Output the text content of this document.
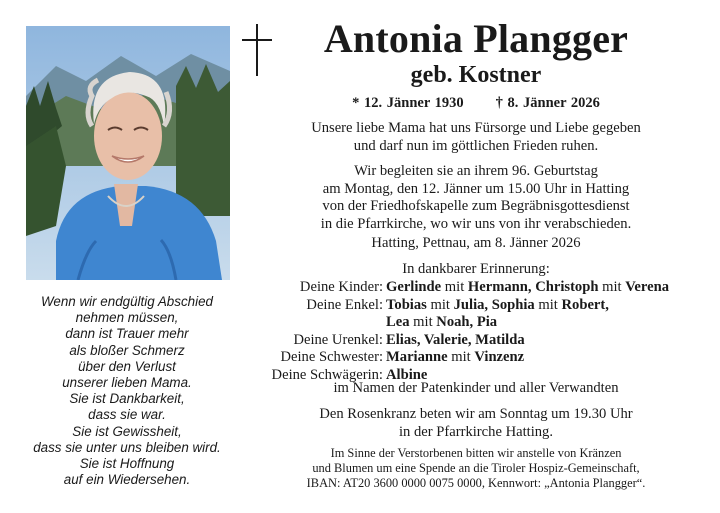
Wenn wir endgültig Abschied
nehmen müssen,
dann ist Trauer mehr
als bloßer Schmerz
über den Verlust
unserer lieben Mama.
Sie ist Dankbarkeit,
dass sie war.
Sie ist Gewissheit,
dass sie unter uns bleiben wird.
Sie ist Hoffnung
auf ein Wiedersehen.
Antonia Plangger
geb. Kostner
* 12. Jänner 1930 † 8. Jänner 2026
Unsere liebe Mama hat uns Fürsorge und Liebe gegeben
und darf nun im göttlichen Frieden ruhen.
Wir begleiten sie an ihrem 96. Geburtstag
am Montag, den 12. Jänner um 15.00 Uhr in Hatting
von der Friedhofskapelle zum Begräbnisgottesdienst
in die Pfarrkirche, wo wir uns von ihr verabschieden.
Hatting, Pettnau, am 8. Jänner 2026
In dankbarer Erinnerung:
Deine Kinder: Gerlinde mit Hermann, Christoph mit Verena
Deine Enkel: Tobias mit Julia, Sophia mit Robert,
Lea mit Noah, Pia
Deine Urenkel: Elias, Valerie, Matilda
Deine Schwester: Marianne mit Vinzenz
Deine Schwägerin: Albine
im Namen der Patenkinder und aller Verwandten
Den Rosenkranz beten wir am Sonntag um 19.30 Uhr
in der Pfarrkirche Hatting.
Im Sinne der Verstorbenen bitten wir anstelle von Kränzen
und Blumen um eine Spende an die Tiroler Hospiz-Gemeinschaft,
IBAN: AT20 3600 0000 0075 0000, Kennwort: „Antonia Plangger“.
